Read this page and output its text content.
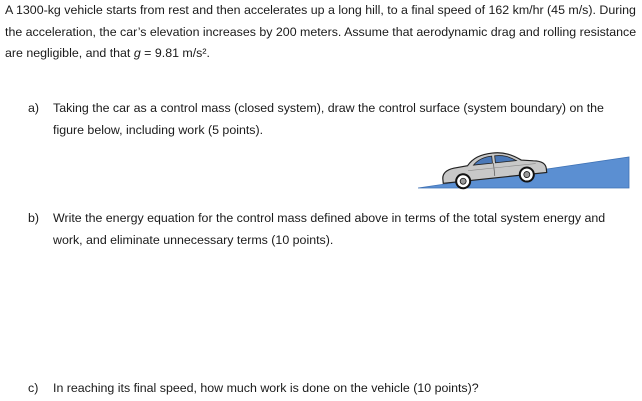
A 1300-kg vehicle starts from rest and then accelerates up a long hill, to a final speed of 162 km/hr (45 m/s). During the acceleration, the car’s elevation increases by 200 meters. Assume that aerodynamic drag and rolling resistance are negligible, and that g = 9.81 m/s².
a)	Taking the car as a control mass (closed system), draw the control surface (system boundary) on the figure below, including work (5 points).
b)	Write the energy equation for the control mass defined above in terms of the total system energy and work, and eliminate unnecessary terms (10 points).
c)	In reaching its final speed, how much work is done on the vehicle (10 points)?
